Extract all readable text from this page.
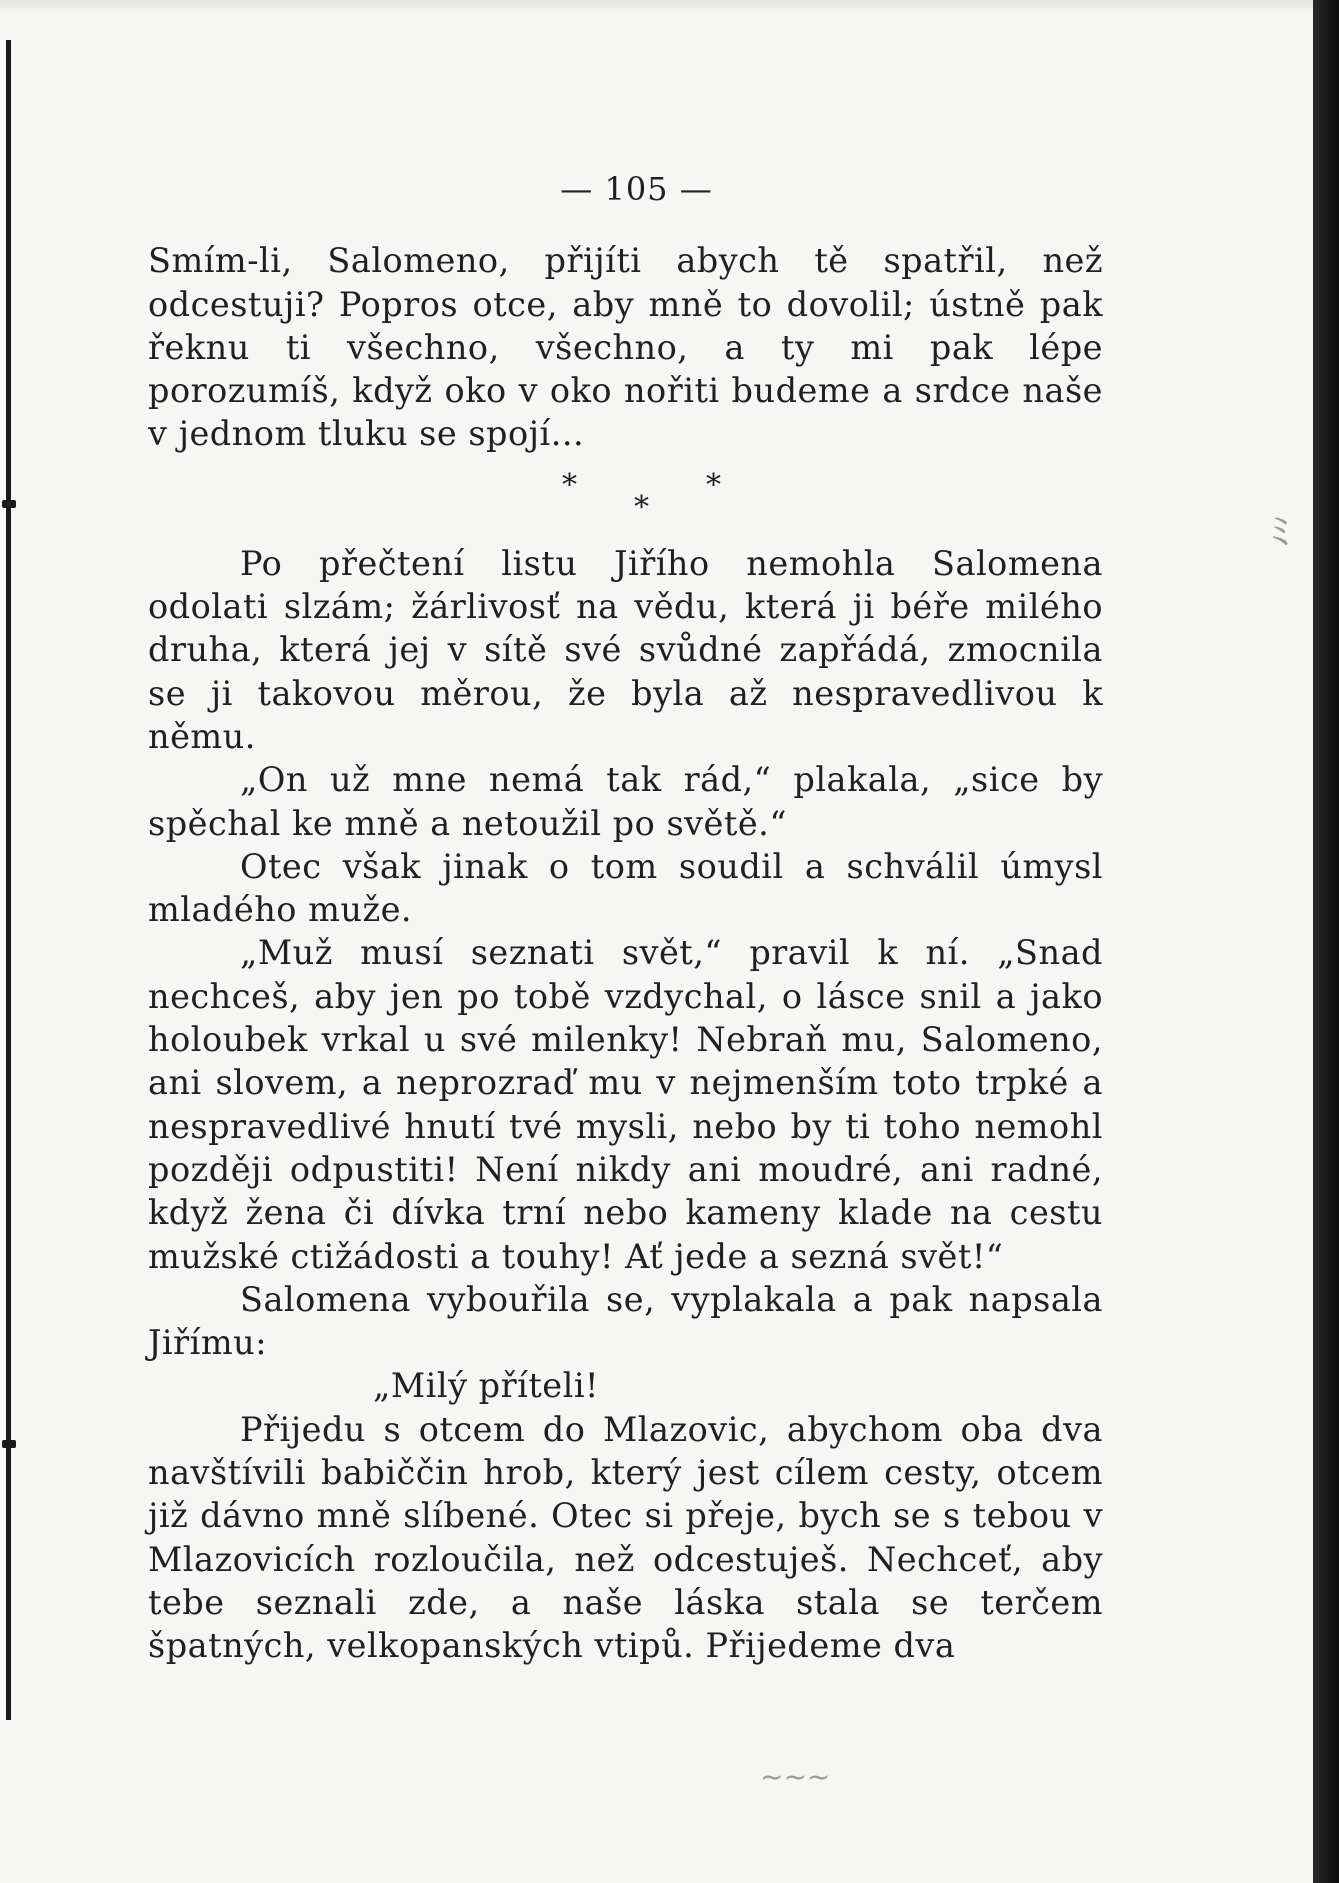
ﾐ
~~~
— 105 —

Smím-li, Salomeno, přijíti abych tě spatřil, než odcestuji? Popros otce, aby mně to dovolil; ústně pak řeknu ti všechno, všechno, a ty mi pak lépe porozumíš, když oko v oko nořiti budeme a srdce naše v jednom tluku se spojí...

*
*
*

Po přečtení listu Jiřího nemohla Salomena odolati slzám; žárlivosť na vědu, která ji béře milého druha, která jej v sítě své svůdné zapřádá, zmocnila se ji takovou měrou, že byla až nespravedlivou k němu.

„On už mne nemá tak rád,“ plakala, „sice by spěchal ke mně a netoužil po světě.“

Otec však jinak o tom soudil a schválil úmysl mladého muže.

„Muž musí seznati svět,“ pravil k ní. „Snad nechceš, aby jen po tobě vzdychal, o lásce snil a jako holoubek vrkal u své milenky! Nebraň mu, Salomeno, ani slovem, a neprozraď mu v nejmenším toto trpké a nespravedlivé hnutí tvé mysli, nebo by ti toho nemohl později odpustiti! Není nikdy ani moudré, ani radné, když žena či dívka trní nebo kameny klade na cestu mužské ctižádosti a touhy! Ať jede a sezná svět!“

Salomena vybouřila se, vyplakala a pak napsala Jiřímu:

„Milý příteli!

Přijedu s otcem do Mlazovic, abychom oba dva navštívili babiččin hrob, který jest cílem cesty, otcem již dávno mně slíbené. Otec si přeje, bych se s tebou v Mlazovicích rozloučila, než odcestuješ. Nechceť, aby tebe seznali zde, a naše láska stala se terčem špatných, velkopanských vtipů. Přijedeme dva
